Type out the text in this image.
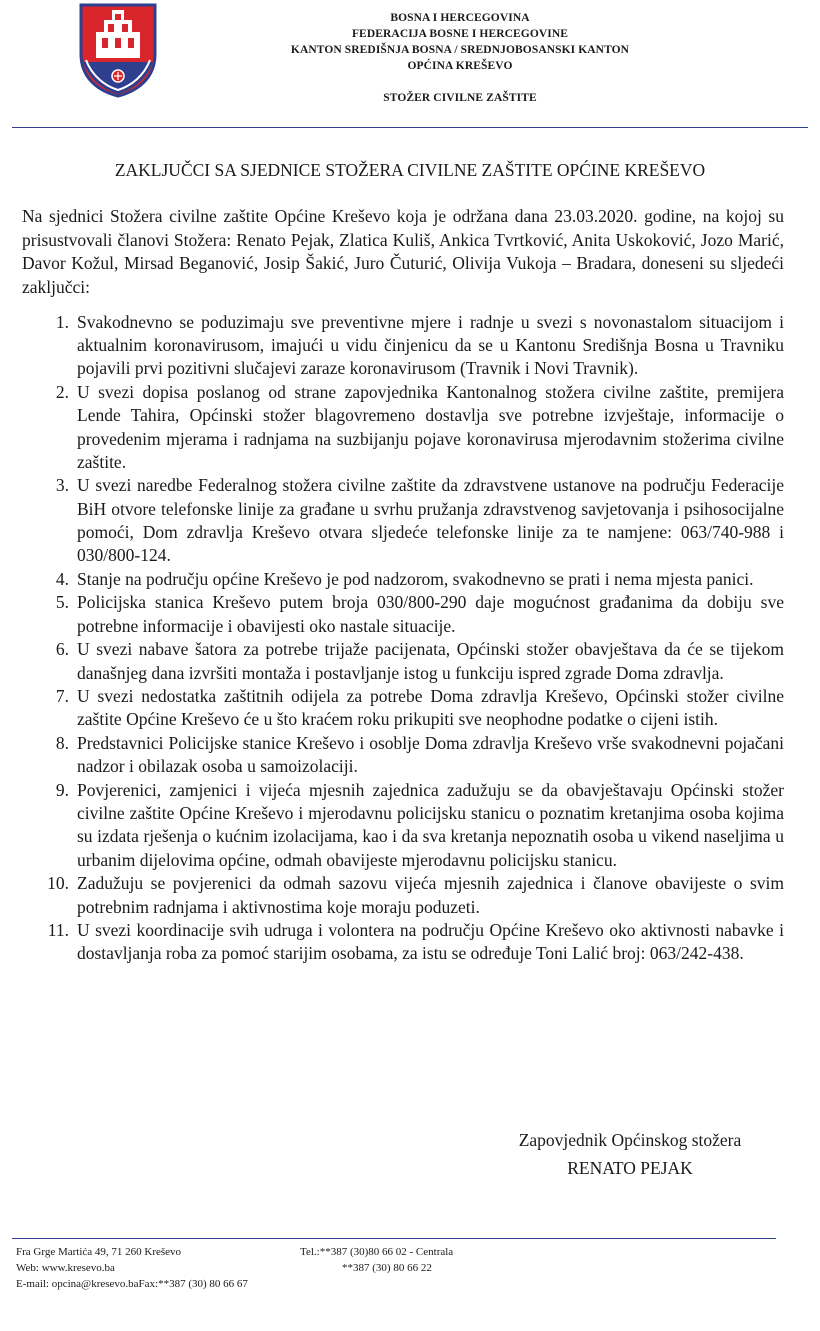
BOSNA I HERCEGOVINA
FEDERACIJA BOSNE I HERCEGOVINE
KANTON SREDIŠNJA BOSNA / SREDNJOBOSANSKI KANTON
OPĆINA KREŠEVO
STOŽER CIVILNE ZAŠTITE
ZAKLJUČCI SA SJEDNICE STOŽERA CIVILNE ZAŠTITE OPĆINE KREŠEVO
Na sjednici Stožera civilne zaštite Općine Kreševo koja je održana dana 23.03.2020. godine, na kojoj su prisustvovali članovi Stožera: Renato Pejak, Zlatica Kuliš, Ankica Tvrtković, Anita Uskoković, Jozo Marić, Davor Kožul, Mirsad Beganović, Josip Šakić, Juro Čuturić, Olivija Vukoja – Bradara, doneseni su sljedeći zaključci:
1. Svakodnevno se poduzimaju sve preventivne mjere i radnje u svezi s novonastalom situacijom i aktualnim koronavirusom, imajući u vidu činjenicu da se u Kantonu Središnja Bosna u Travniku pojavili prvi pozitivni slučajevi zaraze koronavirusom (Travnik i Novi Travnik).
2. U svezi dopisa poslanog od strane zapovjednika Kantonalnog stožera civilne zaštite, premijera Lende Tahira, Općinski stožer blagovremeno dostavlja sve potrebne izvještaje, informacije o provedenim mjerama i radnjama na suzbijanju pojave koronavirusa mjerodavnim stožerima civilne zaštite.
3. U svezi naredbe Federalnog stožera civilne zaštite da zdravstvene ustanove na području Federacije BiH otvore telefonske linije za građane u svrhu pružanja zdravstvenog savjetovanja i psihosocijalne pomoći, Dom zdravlja Kreševo otvara sljedeće telefonske linije za te namjene: 063/740-988 i 030/800-124.
4. Stanje na području općine Kreševo je pod nadzorom, svakodnevno se prati i nema mjesta panici.
5. Policijska stanica Kreševo putem broja 030/800-290 daje mogućnost građanima da dobiju sve potrebne informacije i obavijesti oko nastale situacije.
6. U svezi nabave šatora za potrebe trijaže pacijenata, Općinski stožer obavještava da će se tijekom današnjeg dana izvršiti montaža i postavljanje istog u funkciju ispred zgrade Doma zdravlja.
7. U svezi nedostatka zaštitnih odijela za potrebe Doma zdravlja Kreševo, Općinski stožer civilne zaštite Općine Kreševo će u što kraćem roku prikupiti sve neophodne podatke o cijeni istih.
8. Predstavnici Policijske stanice Kreševo i osoblje Doma zdravlja Kreševo vrše svakodnevni pojačani nadzor i obilazak osoba u samoizolaciji.
9. Povjerenici, zamjenici i vijeća mjesnih zajednica zadužuju se da obavještavaju Općinski stožer civilne zaštite Općine Kreševo i mjerodavnu policijsku stanicu o poznatim kretanjima osoba kojima su izdata rješenja o kućnim izolacijama, kao i da sva kretanja nepoznatih osoba u vikend naseljima u urbanim dijelovima općine, odmah obavijeste mjerodavnu policijsku stanicu.
10. Zadužuju se povjerenici da odmah sazovu vijeća mjesnih zajednica i članove obavijeste o svim potrebnim radnjama i aktivnostima koje moraju poduzeti.
11. U svezi koordinacije svih udruga i volontera na području Općine Kreševo oko aktivnosti nabavke i dostavljanja roba za pomoć starijim osobama, za istu se određuje Toni Lalić broj: 063/242-438.
Zapovjednik Općinskog stožera
RENATO PEJAK
Fra Grge Martića 49, 71 260 Kreševo
Web: www.kresevo.ba
E-mail: opcina@kresevo.baFax:**387 (30) 80 66 67
Tel.:**387 (30)80 66 02 - Centrala
**387 (30) 80 66 22
